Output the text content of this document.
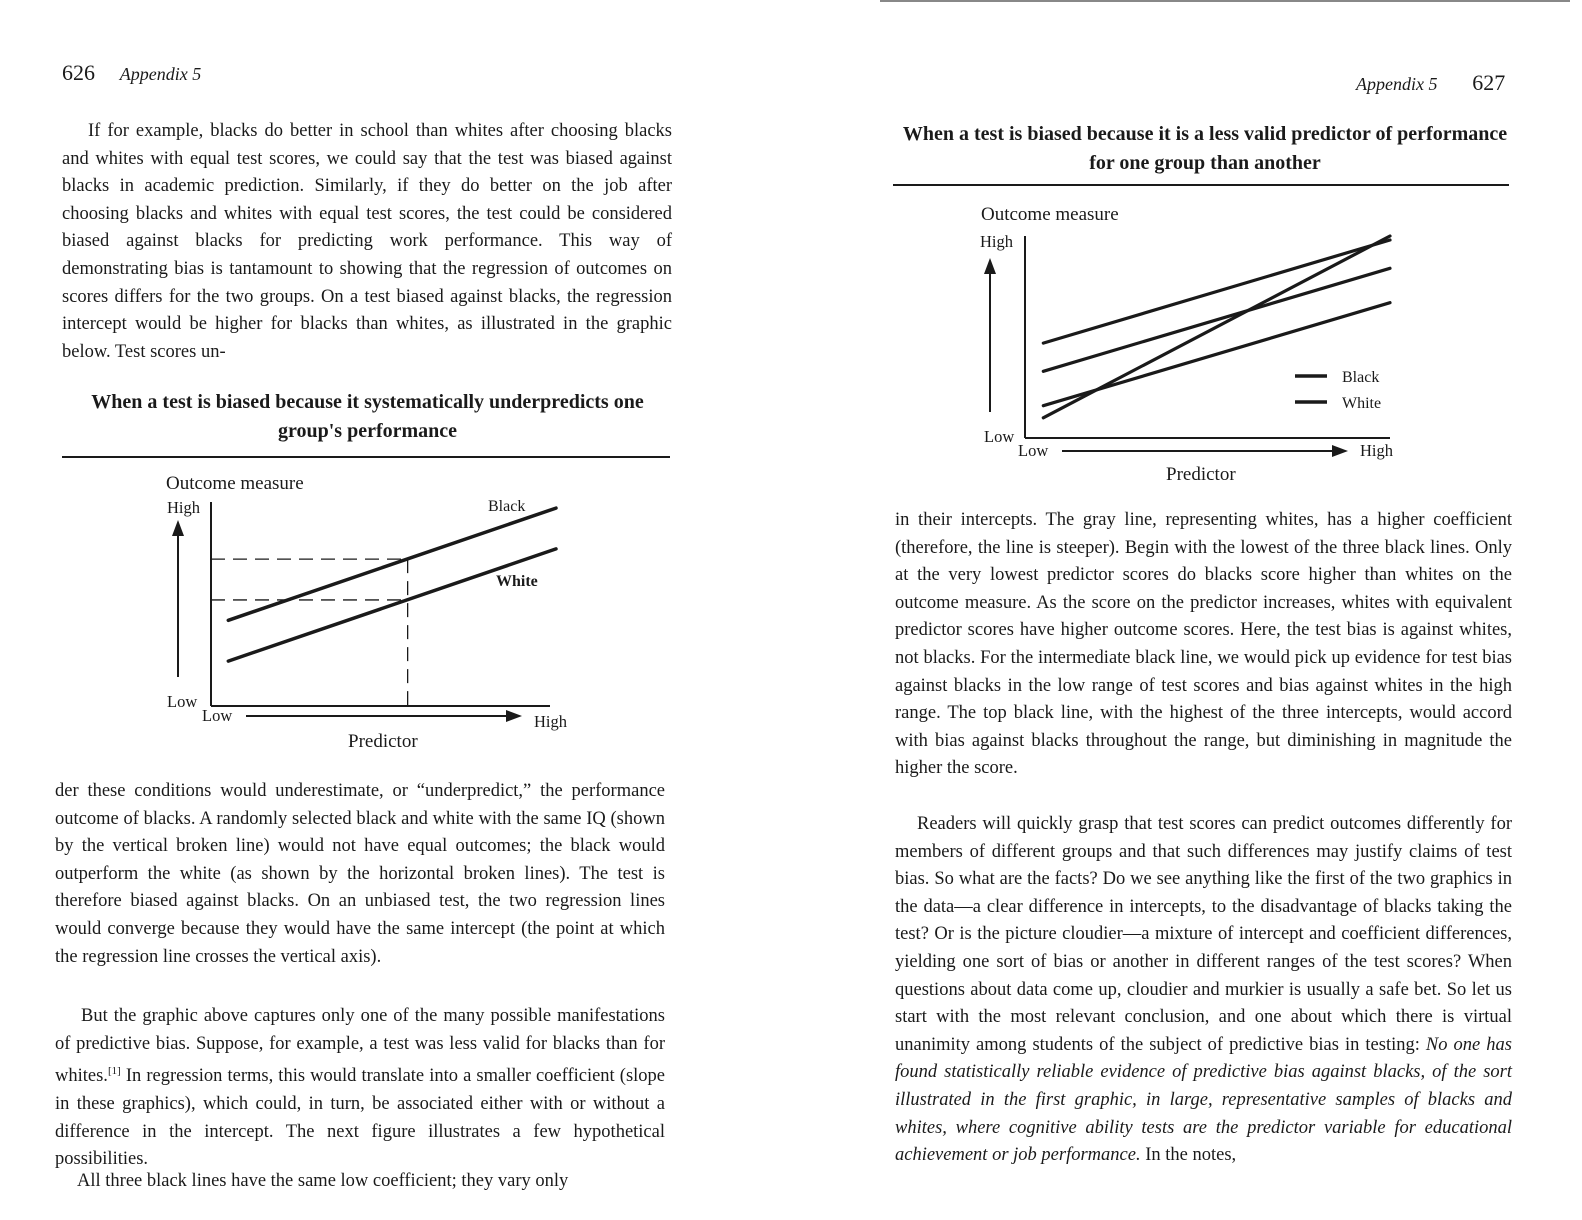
626 Appendix 5

If for example, blacks do better in school than whites after choosing blacks and whites with equal test scores, we could say that the test was biased against blacks in academic prediction. Similarly, if they do better on the job after choosing blacks and whites with equal test scores, the test could be considered biased against blacks for predicting work performance. This way of demonstrating bias is tantamount to showing that the regression of outcomes on scores differs for the two groups. On a test biased against blacks, the regression intercept would be higher for blacks than whites, as illustrated in the graphic below. Test scores un-

When a test is biased because it systematically underpredicts one group's performance

Outcome measure
High
Low
Low	High
Predictor
Black
White

der these conditions would underestimate, or “underpredict,” the performance outcome of blacks. A randomly selected black and white with the same IQ (shown by the vertical broken line) would not have equal outcomes; the black would outperform the white (as shown by the horizontal broken lines). The test is therefore biased against blacks. On an unbiased test, the two regression lines would converge because they would have the same intercept (the point at which the regression line crosses the vertical axis).

But the graphic above captures only one of the many possible manifestations of predictive bias. Suppose, for example, a test was less valid for blacks than for whites.[1] In regression terms, this would translate into a smaller coefficient (slope in these graphics), which could, in turn, be associated either with or without a difference in the intercept. The next figure illustrates a few hypothetical possibilities.

All three black lines have the same low coefficient; they vary only

Appendix 5 627

When a test is biased because it is a less valid predictor of performance for one group than another

Outcome measure
High
Low
Low	High
Predictor
Black
White

in their intercepts. The gray line, representing whites, has a higher coefficient (therefore, the line is steeper). Begin with the lowest of the three black lines. Only at the very lowest predictor scores do blacks score higher than whites on the outcome measure. As the score on the predictor increases, whites with equivalent predictor scores have higher outcome scores. Here, the test bias is against whites, not blacks. For the intermediate black line, we would pick up evidence for test bias against blacks in the low range of test scores and bias against whites in the high range. The top black line, with the highest of the three intercepts, would accord with bias against blacks throughout the range, but diminishing in magnitude the higher the score.

Readers will quickly grasp that test scores can predict outcomes differently for members of different groups and that such differences may justify claims of test bias. So what are the facts? Do we see anything like the first of the two graphics in the data—a clear difference in intercepts, to the disadvantage of blacks taking the test? Or is the picture cloudier—a mixture of intercept and coefficient differences, yielding one sort of bias or another in different ranges of the test scores? When questions about data come up, cloudier and murkier is usually a safe bet. So let us start with the most relevant conclusion, and one about which there is virtual unanimity among students of the subject of predictive bias in testing: No one has found statistically reliable evidence of predictive bias against blacks, of the sort illustrated in the first graphic, in large, representative samples of blacks and whites, where cognitive ability tests are the predictor variable for educational achievement or job performance. In the notes,
